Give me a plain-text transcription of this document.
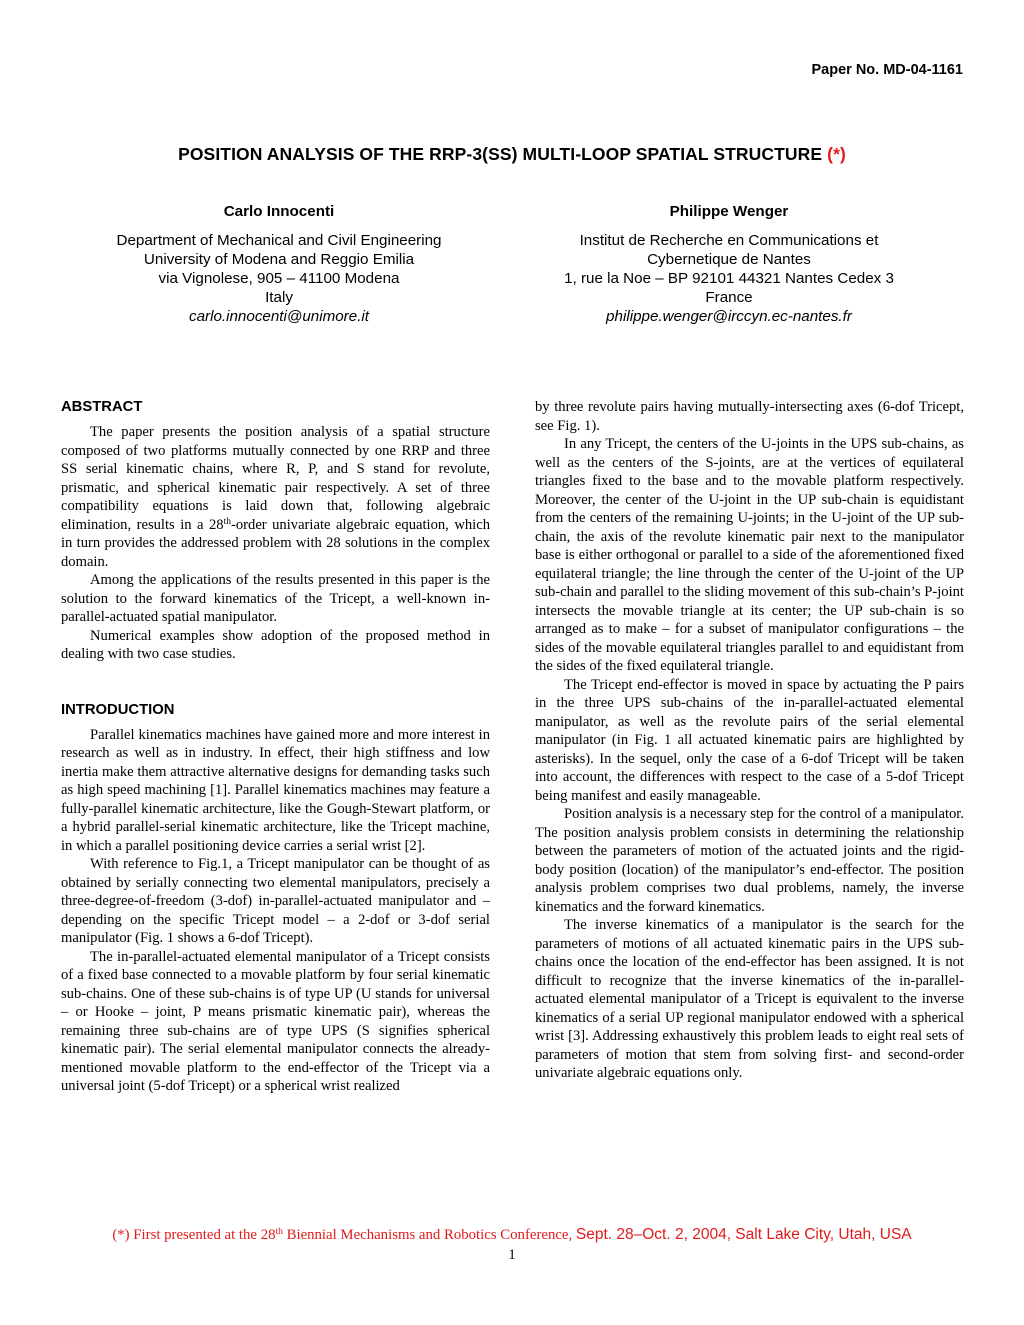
Paper No. MD-04-1161
POSITION ANALYSIS OF THE RRP-3(SS) MULTI-LOOP SPATIAL STRUCTURE (*)
Carlo Innocenti
Department of Mechanical and Civil Engineering
University of Modena and Reggio Emilia
via Vignolese, 905 – 41100 Modena
Italy
carlo.innocenti@unimore.it
Philippe Wenger
Institut de Recherche en Communications et
Cybernetique de Nantes
1, rue la Noe – BP 92101 44321 Nantes Cedex 3
France
philippe.wenger@irccyn.ec-nantes.fr
ABSTRACT

The paper presents the position analysis of a spatial structure composed of two platforms mutually connected by one RRP and three SS serial kinematic chains, where R, P, and S stand for revolute, prismatic, and spherical kinematic pair respectively. A set of three compatibility equations is laid down that, following algebraic elimination, results in a 28th-order univariate algebraic equation, which in turn provides the addressed problem with 28 solutions in the complex domain.

Among the applications of the results presented in this paper is the solution to the forward kinematics of the Tricept, a well-known in-parallel-actuated spatial manipulator.

Numerical examples show adoption of the proposed method in dealing with two case studies.

INTRODUCTION

Parallel kinematics machines have gained more and more interest in research as well as in industry. In effect, their high stiffness and low inertia make them attractive alternative designs for demanding tasks such as high speed machining [1]. Parallel kinematics machines may feature a fully-parallel kinematic architecture, like the Gough-Stewart platform, or a hybrid parallel-serial kinematic architecture, like the Tricept machine, in which a parallel positioning device carries a serial wrist [2].

With reference to Fig.1, a Tricept manipulator can be thought of as obtained by serially connecting two elemental manipulators, precisely a three-degree-of-freedom (3-dof) in-parallel-actuated manipulator and – depending on the specific Tricept model – a 2-dof or 3-dof serial manipulator (Fig. 1 shows a 6-dof Tricept).

The in-parallel-actuated elemental manipulator of a Tricept consists of a fixed base connected to a movable platform by four serial kinematic sub-chains. One of these sub-chains is of type UP (U stands for universal – or Hooke – joint, P means prismatic kinematic pair), whereas the remaining three sub-chains are of type UPS (S signifies spherical kinematic pair). The serial elemental manipulator connects the already-mentioned movable platform to the end-effector of the Tricept via a universal joint (5-dof Tricept) or a spherical wrist realized

by three revolute pairs having mutually-intersecting axes (6-dof Tricept, see Fig. 1).

In any Tricept, the centers of the U-joints in the UPS sub-chains, as well as the centers of the S-joints, are at the vertices of equilateral triangles fixed to the base and to the movable platform respectively. Moreover, the center of the U-joint in the UP sub-chain is equidistant from the centers of the remaining U-joints; in the U-joint of the UP sub-chain, the axis of the revolute kinematic pair next to the manipulator base is either orthogonal or parallel to a side of the aforementioned fixed equilateral triangle; the line through the center of the U-joint of the UP sub-chain and parallel to the sliding movement of this sub-chain’s P-joint intersects the movable triangle at its center; the UP sub-chain is so arranged as to make – for a subset of manipulator configurations – the sides of the movable equilateral triangles parallel to and equidistant from the sides of the fixed equilateral triangle.

The Tricept end-effector is moved in space by actuating the P pairs in the three UPS sub-chains of the in-parallel-actuated elemental manipulator, as well as the revolute pairs of the serial elemental manipulator (in Fig. 1 all actuated kinematic pairs are highlighted by asterisks). In the sequel, only the case of a 6-dof Tricept will be taken into account, the differences with respect to the case of a 5-dof Tricept being manifest and easily manageable.

Position analysis is a necessary step for the control of a manipulator. The position analysis problem consists in determining the relationship between the parameters of motion of the actuated joints and the rigid-body position (location) of the manipulator’s end-effector. The position analysis problem comprises two dual problems, namely, the inverse kinematics and the forward kinematics.

The inverse kinematics of a manipulator is the search for the parameters of motions of all actuated kinematic pairs in the UPS sub-chains once the location of the end-effector has been assigned. It is not difficult to recognize that the inverse kinematics of the in-parallel-actuated elemental manipulator of a Tricept is equivalent to the inverse kinematics of a serial UP regional manipulator endowed with a spherical wrist [3]. Addressing exhaustively this problem leads to eight real sets of parameters of motion that stem from solving first- and second-order univariate algebraic equations only.

(*) First presented at the 28th Biennial Mechanisms and Robotics Conference, Sept. 28–Oct. 2, 2004, Salt Lake City, Utah, USA
1
